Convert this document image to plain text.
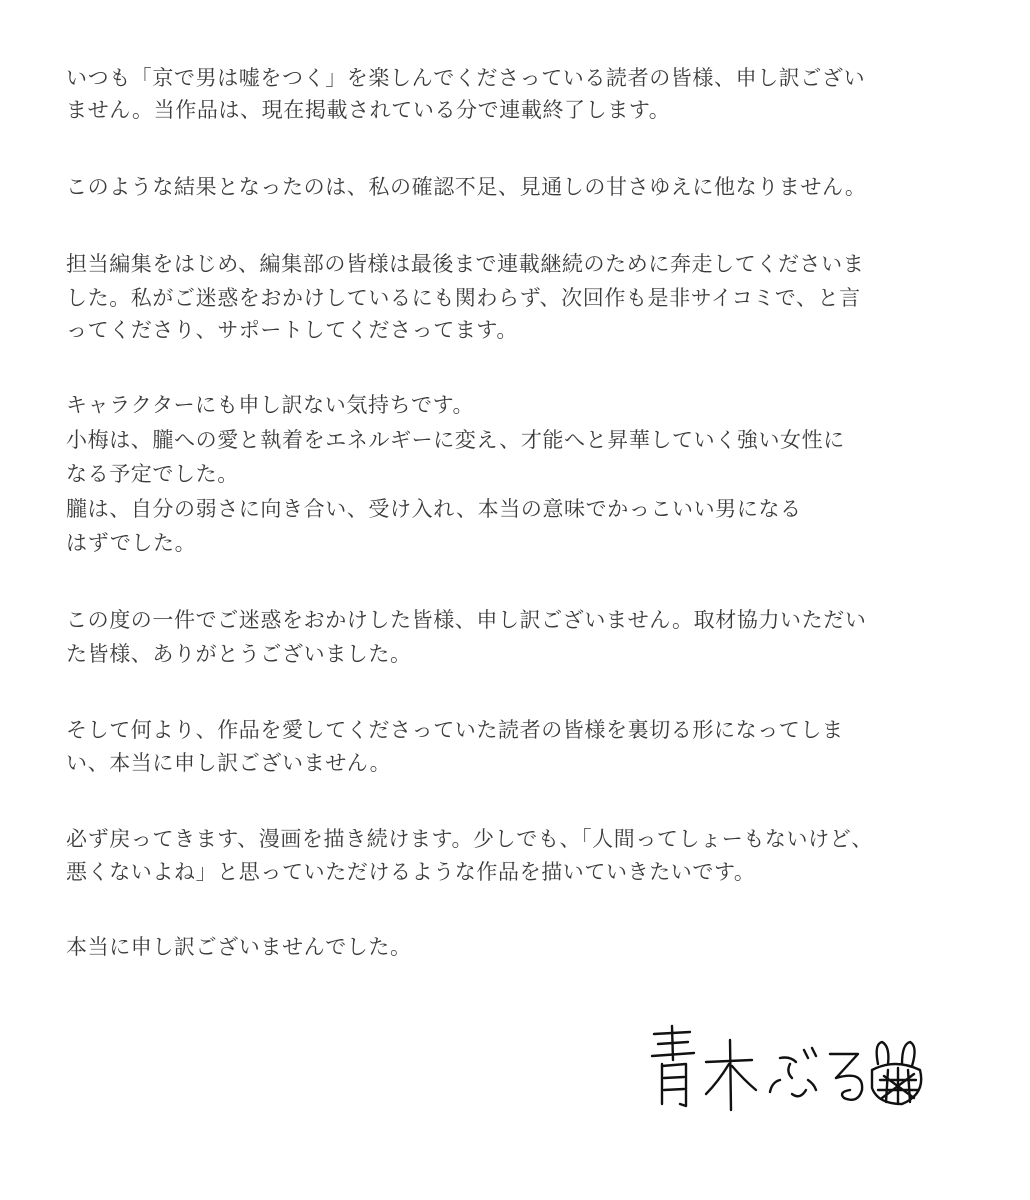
いつも「京で男は嘘をつく」を楽しんでくださっている読者の皆様、申し訳ござい
ません。当作品は、現在掲載されている分で連載終了します。
このような結果となったのは、私の確認不足、見通しの甘さゆえに他なりません。
担当編集をはじめ、編集部の皆様は最後まで連載継続のために奔走してくださいま
した。私がご迷惑をおかけしているにも関わらず、次回作も是非サイコミで、と言
ってくださり、サポートしてくださってます。
キャラクターにも申し訳ない気持ちです。
小梅は、朧への愛と執着をエネルギーに変え、才能へと昇華していく強い女性に
なる予定でした。
朧は、自分の弱さに向き合い、受け入れ、本当の意味でかっこいい男になる
はずでした。
この度の一件でご迷惑をおかけした皆様、申し訳ございません。取材協力いただい
た皆様、ありがとうございました。
そして何より、作品を愛してくださっていた読者の皆様を裏切る形になってしま
い、本当に申し訳ございません。
必ず戻ってきます、漫画を描き続けます。少しでも、「人間ってしょーもないけど、
悪くないよね」と思っていただけるような作品を描いていきたいです。
本当に申し訳ございませんでした。
